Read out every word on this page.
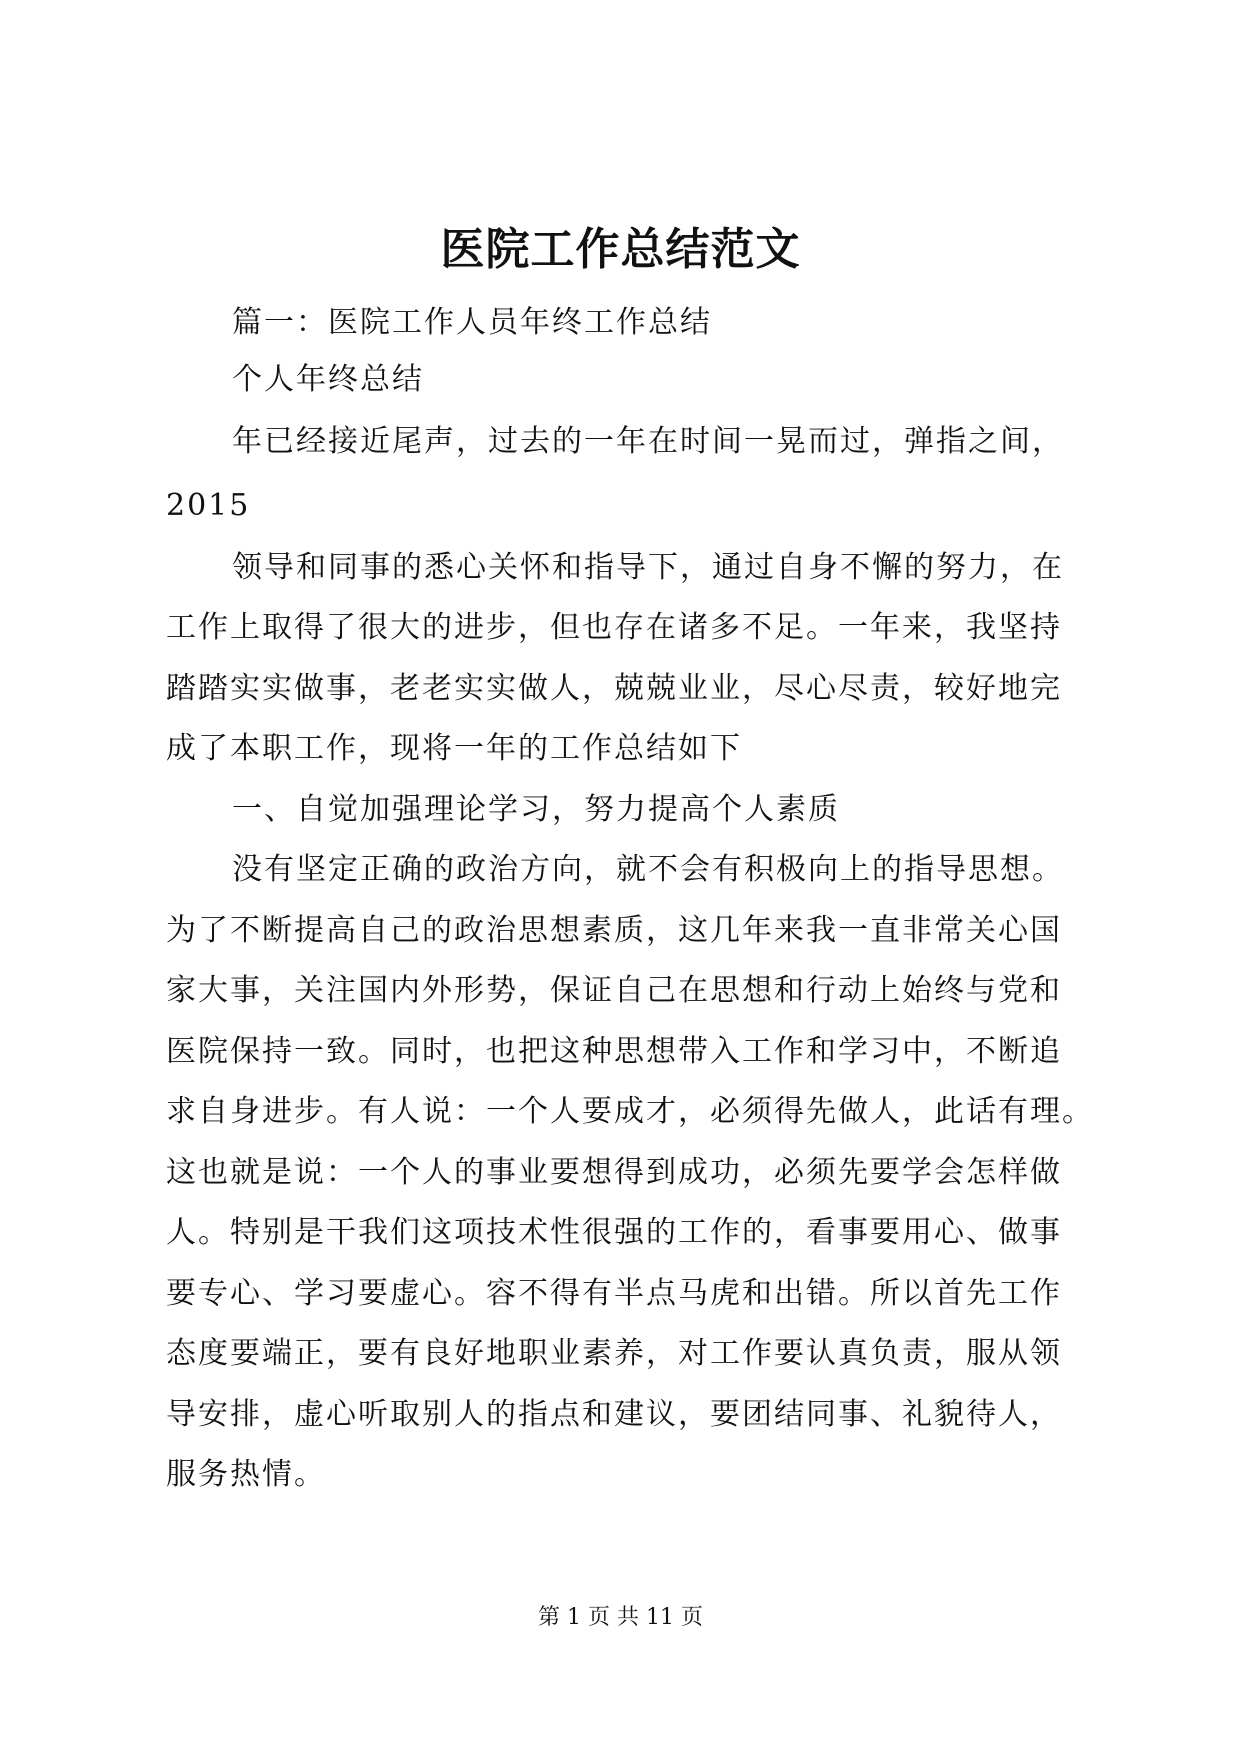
医院工作总结范文
篇一：医院工作人员年终工作总结
个人年终总结
年已经接近尾声，过去的一年在时间一晃而过，弹指之间，
2015
领导和同事的悉心关怀和指导下，通过自身不懈的努力，在
工作上取得了很大的进步，但也存在诸多不足。一年来，我坚持
踏踏实实做事，老老实实做人，兢兢业业，尽心尽责，较好地完
成了本职工作，现将一年的工作总结如下
一、自觉加强理论学习，努力提高个人素质
没有坚定正确的政治方向，就不会有积极向上的指导思想。
为了不断提高自己的政治思想素质，这几年来我一直非常关心国
家大事，关注国内外形势，保证自己在思想和行动上始终与党和
医院保持一致。同时，也把这种思想带入工作和学习中，不断追
求自身进步。有人说：一个人要成才，必须得先做人，此话有理。
这也就是说：一个人的事业要想得到成功，必须先要学会怎样做
人。特别是干我们这项技术性很强的工作的，看事要用心、做事
要专心、学习要虚心。容不得有半点马虎和出错。所以首先工作
态度要端正，要有良好地职业素养，对工作要认真负责，服从领
导安排，虚心听取别人的指点和建议，要团结同事、礼貌待人，
服务热情。
第 1 页 共 11 页
